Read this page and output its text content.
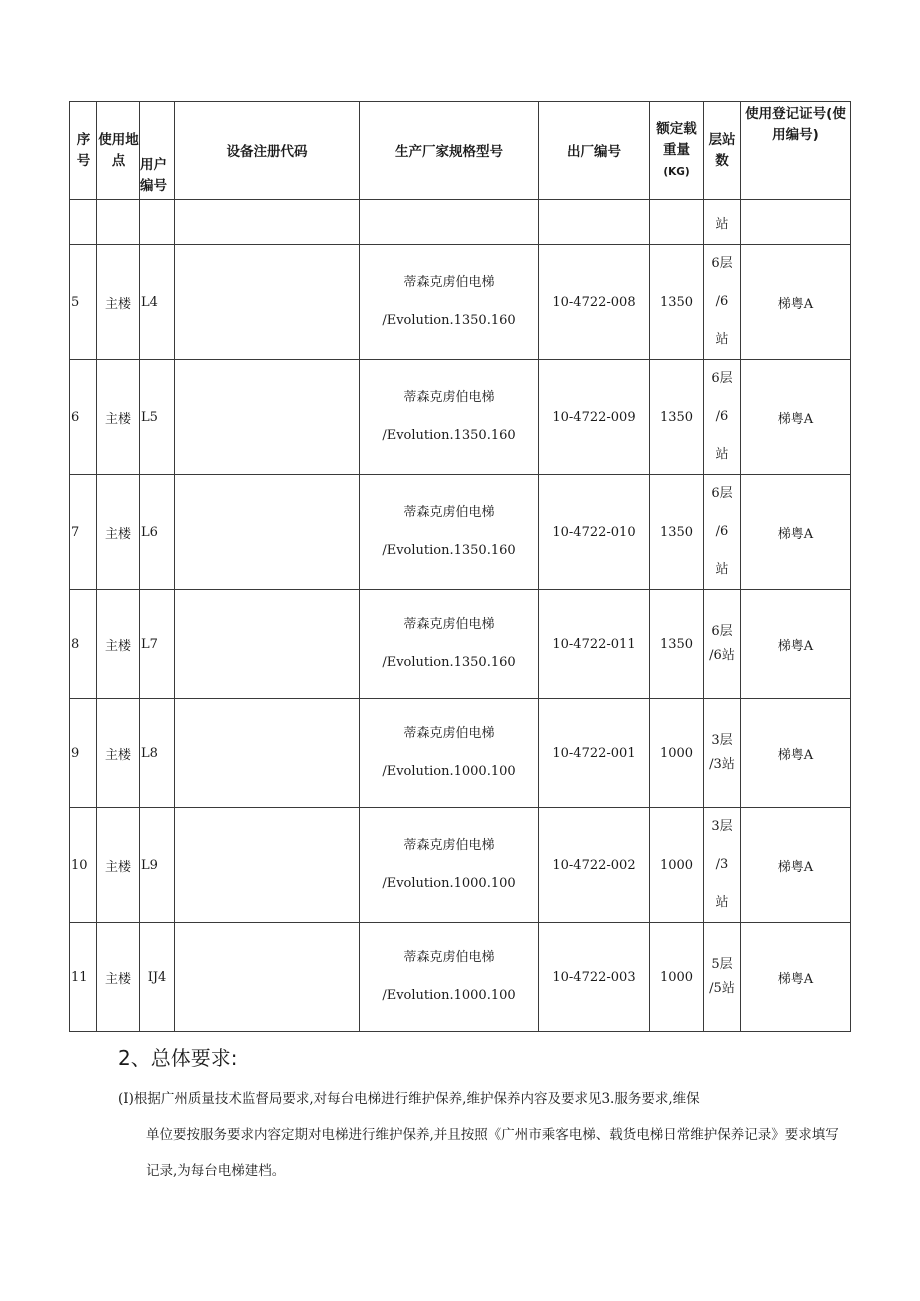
序号	使用地点	用户编号	设备注册代码	生产厂家规格型号	出厂编号	额定载重量
(KG)	层站数	使用登记证号(使用编号)
							站	
5	主楼	L4		蒂森克虏伯电梯
/Evolution.1350.160	10-4722-008	1350	6层
/6
站	梯粤A
6	主楼	L5		蒂森克虏伯电梯
/Evolution.1350.160	10-4722-009	1350	6层
/6
站	梯粤A
7	主楼	L6		蒂森克虏伯电梯
/Evolution.1350.160	10-4722-010	1350	6层
/6
站	梯粤A
8	主楼	L7		蒂森克虏伯电梯
/Evolution.1350.160	10-4722-011	1350	6层
/6站	梯粤A
9	主楼	L8		蒂森克虏伯电梯
/Evolution.1000.100	10-4722-001	1000	3层
/3站	梯粤A
10	主楼	L9		蒂森克虏伯电梯
/Evolution.1000.100	10-4722-002	1000	3层
/3
站	梯粤A
11	主楼	IJ4		蒂森克虏伯电梯
/Evolution.1000.100	10-4722-003	1000	5层
/5站	梯粤A
2、总体要求:
(I)根据广州质量技术监督局要求,对每台电梯进行维护保养,维护保养内容及要求见3.服务要求,维保
单位要按服务要求内容定期对电梯进行维护保养,并且按照《广州市乘客电梯、载货电梯日常维护保养记录》要求填写记录,为每台电梯建档。
